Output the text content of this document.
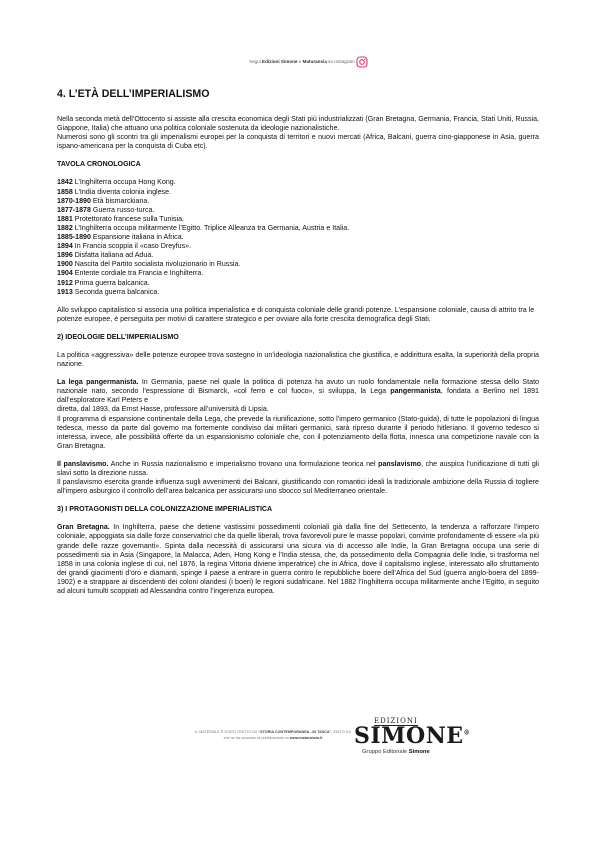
Segui Edizioni Simone e Maturansia su Instagram
4. L’ETÀ DELL’IMPERIALISMO

Nella seconda metà dell’Ottocento si assiste alla crescita economica degli Stati più industrializzati (Gran Bretagna, Germania, Francia, Stati Uniti, Russia, Giappone, Italia) che attuano una politica coloniale sostenuta da ideologie nazionalistiche.
Numerosi sono gli scontri tra gli imperialismi europei per la conquista di territori e nuovi mercati (Africa, Balcani, guerra cino-giapponese in Asia, guerra ispano-americana per la conquista di Cuba etc).

TAVOLA CRONOLOGICA
1842 L’Inghilterra occupa Hong Kong.
1858 L’India diventa colonia inglese.
1870-1890 Età bismarckiana.
1877-1878 Guerra russo-turca.
1881 Protettorato francese sulla Tunisia.
1882 L’Inghilterra occupa militarmente l’Egitto. Triplice Alleanza tra Germania, Austria e Italia.
1885-1890 Espansione italiana in Africa.
1894 In Francia scoppia il «caso Dreyfus».
1896 Disfatta italiana ad Adua.
1900 Nascita del Partito socialista rivoluzionario in Russia.
1904 Entente cordiale tra Francia e Inghilterra.
1912 Prima guerra balcanica.
1913 Seconda guerra balcanica.

Allo sviluppo capitalistico si associa una politica imperialistica e di conquista coloniale delle grandi potenze. L’espansione coloniale, causa di attrito tra le potenze europee, è perseguita per motivi di carattere strategico e per ovviare alla forte crescita demografica degli Stati.

2) IDEOLOGIE DELL’IMPERIALISMO

La politica «aggressiva» delle potenze europee trova sostegno in un’ideologia nazionalistica che giustifica, e addirittura esalta, la superiorità della propria nazione.

La lega pangermanista. In Germania, paese nel quale la politica di potenza ha avuto un ruolo fondamentale nella formazione stessa dello Stato nazionale nato, secondo l’espressione di Bismarck, «col ferro e col fuoco», si sviluppa, la Lega pangermanista, fondata a Berlino nel 1891 dall’esploratore Karl Peters e
diretta, dal 1893, da Ernst Hasse, professore all’università di Lipsia.
Il programma di espansione continentale della Lega, che prevede la riunificazione, sotto l’impero germanico (Stato-guida), di tutte le popolazioni di lingua tedesca, messo da parte dal governo ma fortemente condiviso dai militari germanici, sarà ripreso durante il periodo hitleriano. Il governo tedesco si interessa, invece, alle possibilità offerte da un espansionismo coloniale che, con il potenziamento della flotta, innesca una competizione navale con la Gran Bretagna.

Il panslavismo. Anche in Russia nazionalismo e imperialismo trovano una formulazione teorica nel panslavismo, che auspica l’unificazione di tutti gli slavi sotto la direzione russa.
Il panslavismo esercita grande influenza sugli avvenimenti dei Balcani, giustificando con romantici ideali la tradizionale ambizione della Russia di togliere all’impero asburgico il controllo dell’area balcanica per assicurarsi uno sbocco sul Mediterraneo orientale.

3) I PROTAGONISTI DELLA COLONIZZAZIONE IMPERIALISTICA

Gran Bretagna. In Inghilterra, paese che detiene vastissimi possedimenti coloniali già dalla fine del Settecento, la tendenza a rafforzare l’impero coloniale, appoggiata sia dalle forze conservatrici che da quelle liberali, trova favorevoli pure le masse popolari, convinte profondamente di essere «la più grande delle razze governanti». Spinta dalla necessità di assicurarsi una sicura via di accesso alle Indie, la Gran Bretagna occupa una serie di possedimenti sia in Asia (Singapore, la Malacca, Aden, Hong Kong e l’India stessa, che, da possedimento della Compagnia delle Indie, si trasforma nel 1858 in una colonia inglese di cui, nel 1876, la regina Vittoria diviene imperatrice) che in Africa, dove il capitalismo inglese, interessato allo sfruttamento dei grandi giacimenti d’oro e diamanti, spinge il paese a entrare in guerra contro le repubbliche boere dell’Africa del Sud (guerra anglo-boera del 1899-1902) e a strappare ai discendenti dei coloni olandesi (i boeri) le regioni sudafricane. Nel 1882 l’Inghilterra occupa militarmente anche l’Egitto, in seguito ad alcuni tumulti scoppiati ad Alessandria contro l’ingerenza europea.

IL MATERIALE È STATO TRATTO DA “STORIA CONTEMPORANEA...IN TASCA”, EDITO DA
che ne ha concesso la pubblicazione su www.maturansia.it
EDIZIONI
SIMONE®
Gruppo Editoriale Simone
